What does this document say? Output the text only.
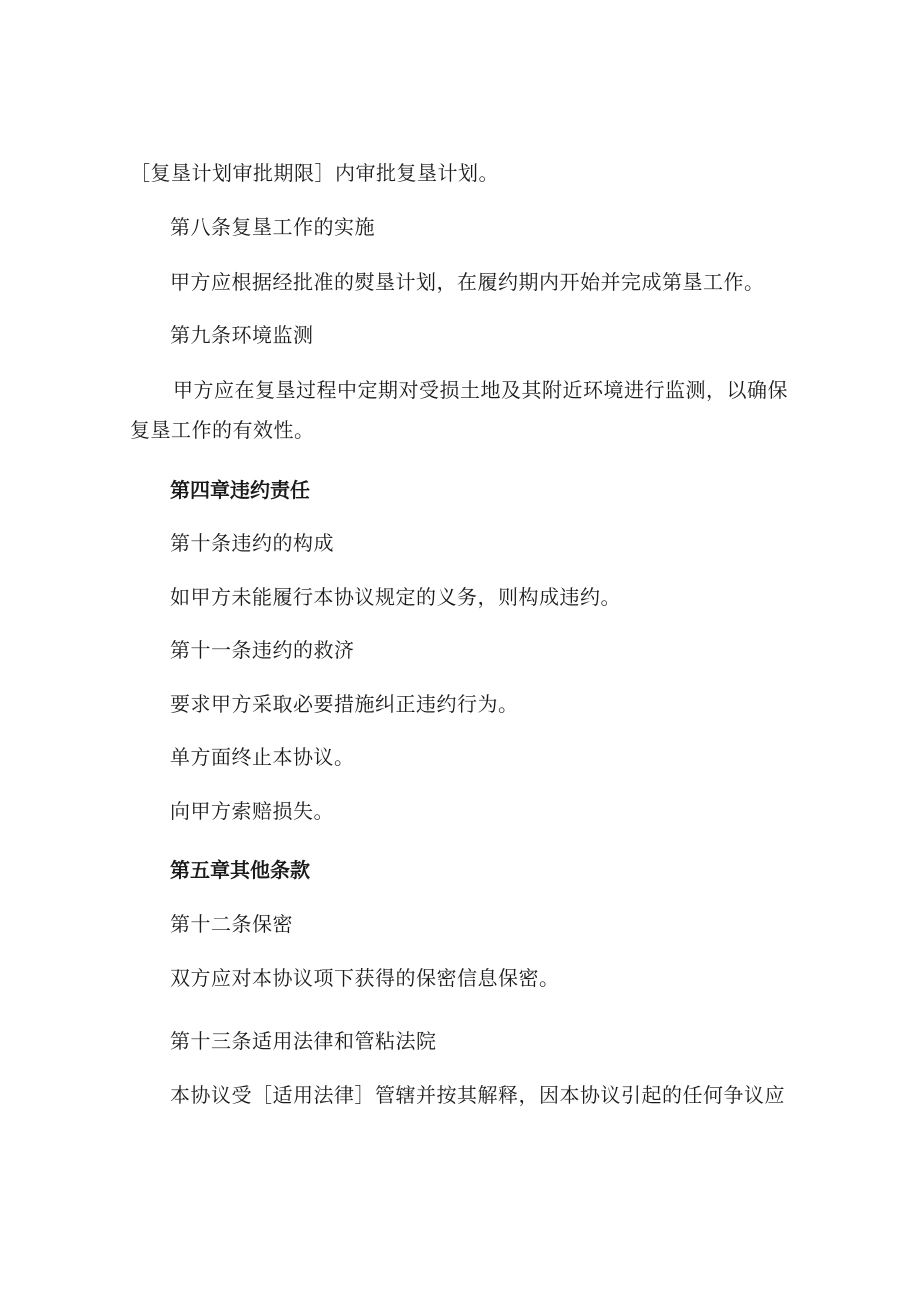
［复垦计划审批期限］内审批复垦计划。
第八条复垦工作的实施
甲方应根据经批准的熨垦计划，在履约期内开始并完成第垦工作。
第九条环境监测
甲方应在复垦过程中定期对受损土地及其附近环境进行监测，以确保
复垦工作的有效性。
第四章违约责任
第十条违约的构成
如甲方未能履行本协议规定的义务，则构成违约。
第十一条违约的救济
要求甲方采取必要措施纠正违约行为。
单方面终止本协议。
向甲方索赔损失。
第五章其他条款
第十二条保密
双方应对本协议项下获得的保密信息保密。
第十三条适用法律和管粘法院
本协议受［适用法律］管辖并按其解释，因本协议引起的任何争议应
